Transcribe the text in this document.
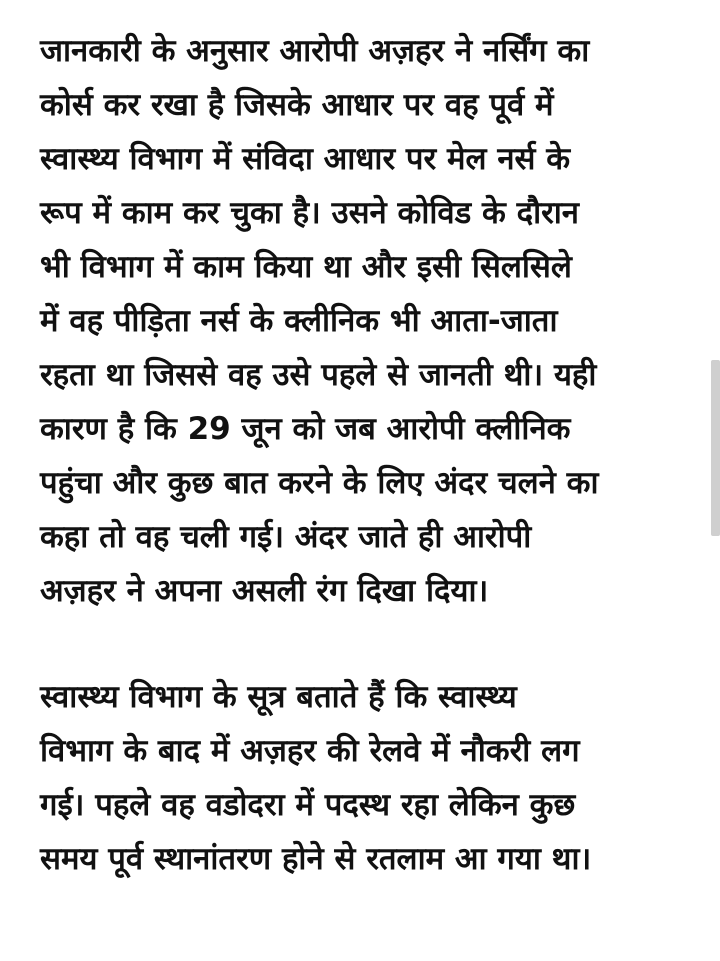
जानकारी के अनुसार आरोपी अज़हर ने नर्सिंग का
कोर्स कर रखा है जिसके आधार पर वह पूर्व में
स्वास्थ्य विभाग में संविदा आधार पर मेल नर्स के
रूप में काम कर चुका है। उसने कोविड के दौरान
भी विभाग में काम किया था और इसी सिलसिले
में वह पीड़िता नर्स के क्लीनिक भी आता-जाता
रहता था जिससे वह उसे पहले से जानती थी। यही
कारण है कि 29 जून को जब आरोपी क्लीनिक
पहुंचा और कुछ बात करने के लिए अंदर चलने का
कहा तो वह चली गई। अंदर जाते ही आरोपी
अज़हर ने अपना असली रंग दिखा दिया।
स्वास्थ्य विभाग के सूत्र बताते हैं कि स्वास्थ्य
विभाग के बाद में अज़हर की रेलवे में नौकरी लग
गई। पहले वह वडोदरा में पदस्थ रहा लेकिन कुछ
समय पूर्व स्थानांतरण होने से रतलाम आ गया था।
